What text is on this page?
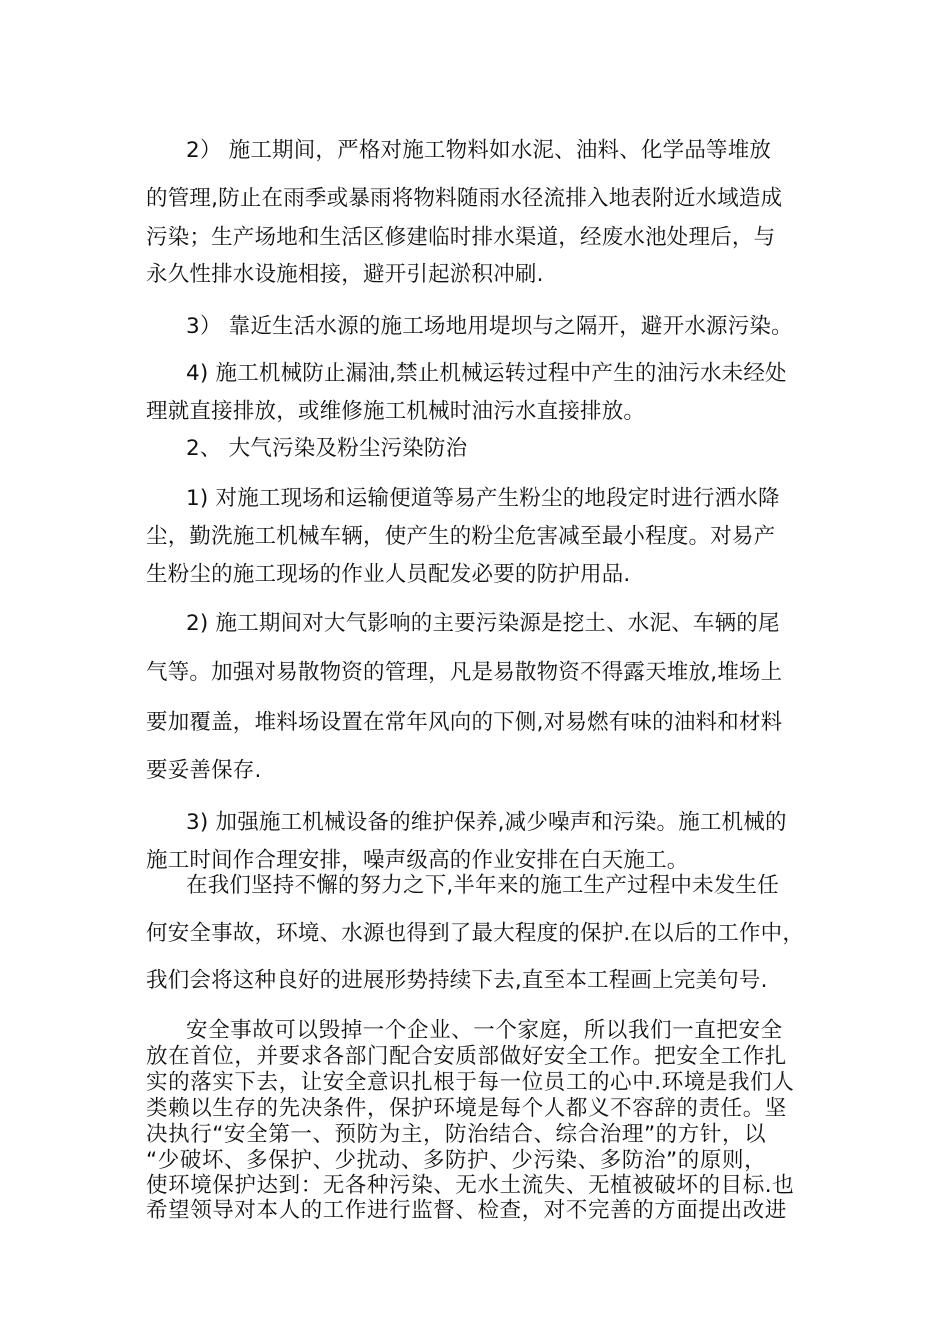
2） 施工期间，严格对施工物料如水泥、油料、化学品等堆放
的管理,防止在雨季或暴雨将物料随雨水径流排入地表附近水域造成
污染；生产场地和生活区修建临时排水渠道，经废水池处理后，与
永久性排水设施相接，避开引起淤积冲刷.
3） 靠近生活水源的施工场地用堤坝与之隔开，避开水源污染。
4) 施工机械防止漏油,禁止机械运转过程中产生的油污水未经处
理就直接排放，或维修施工机械时油污水直接排放。
2、 大气污染及粉尘污染防治
1) 对施工现场和运输便道等易产生粉尘的地段定时进行洒水降
尘，勤洗施工机械车辆，使产生的粉尘危害减至最小程度。对易产
生粉尘的施工现场的作业人员配发必要的防护用品.
2) 施工期间对大气影响的主要污染源是挖土、水泥、车辆的尾
气等。加强对易散物资的管理，凡是易散物资不得露天堆放,堆场上
要加覆盖，堆料场设置在常年风向的下侧,对易燃有味的油料和材料
要妥善保存.
3) 加强施工机械设备的维护保养,减少噪声和污染。施工机械的
施工时间作合理安排，噪声级高的作业安排在白天施工。
在我们坚持不懈的努力之下,半年来的施工生产过程中未发生任
何安全事故，环境、水源也得到了最大程度的保护.在以后的工作中，
我们会将这种良好的进展形势持续下去,直至本工程画上完美句号.
安全事故可以毁掉一个企业、一个家庭，所以我们一直把安全
放在首位，并要求各部门配合安质部做好安全工作。把安全工作扎
实的落实下去，让安全意识扎根于每一位员工的心中.环境是我们人
类赖以生存的先决条件，保护环境是每个人都义不容辞的责任。坚
决执行“安全第一、预防为主，防治结合、综合治理”的方针，以
“少破坏、多保护、少扰动、多防护、少污染、多防治”的原则，
使环境保护达到：无各种污染、无水土流失、无植被破坏的目标.也
希望领导对本人的工作进行监督、检查，对不完善的方面提出改进
